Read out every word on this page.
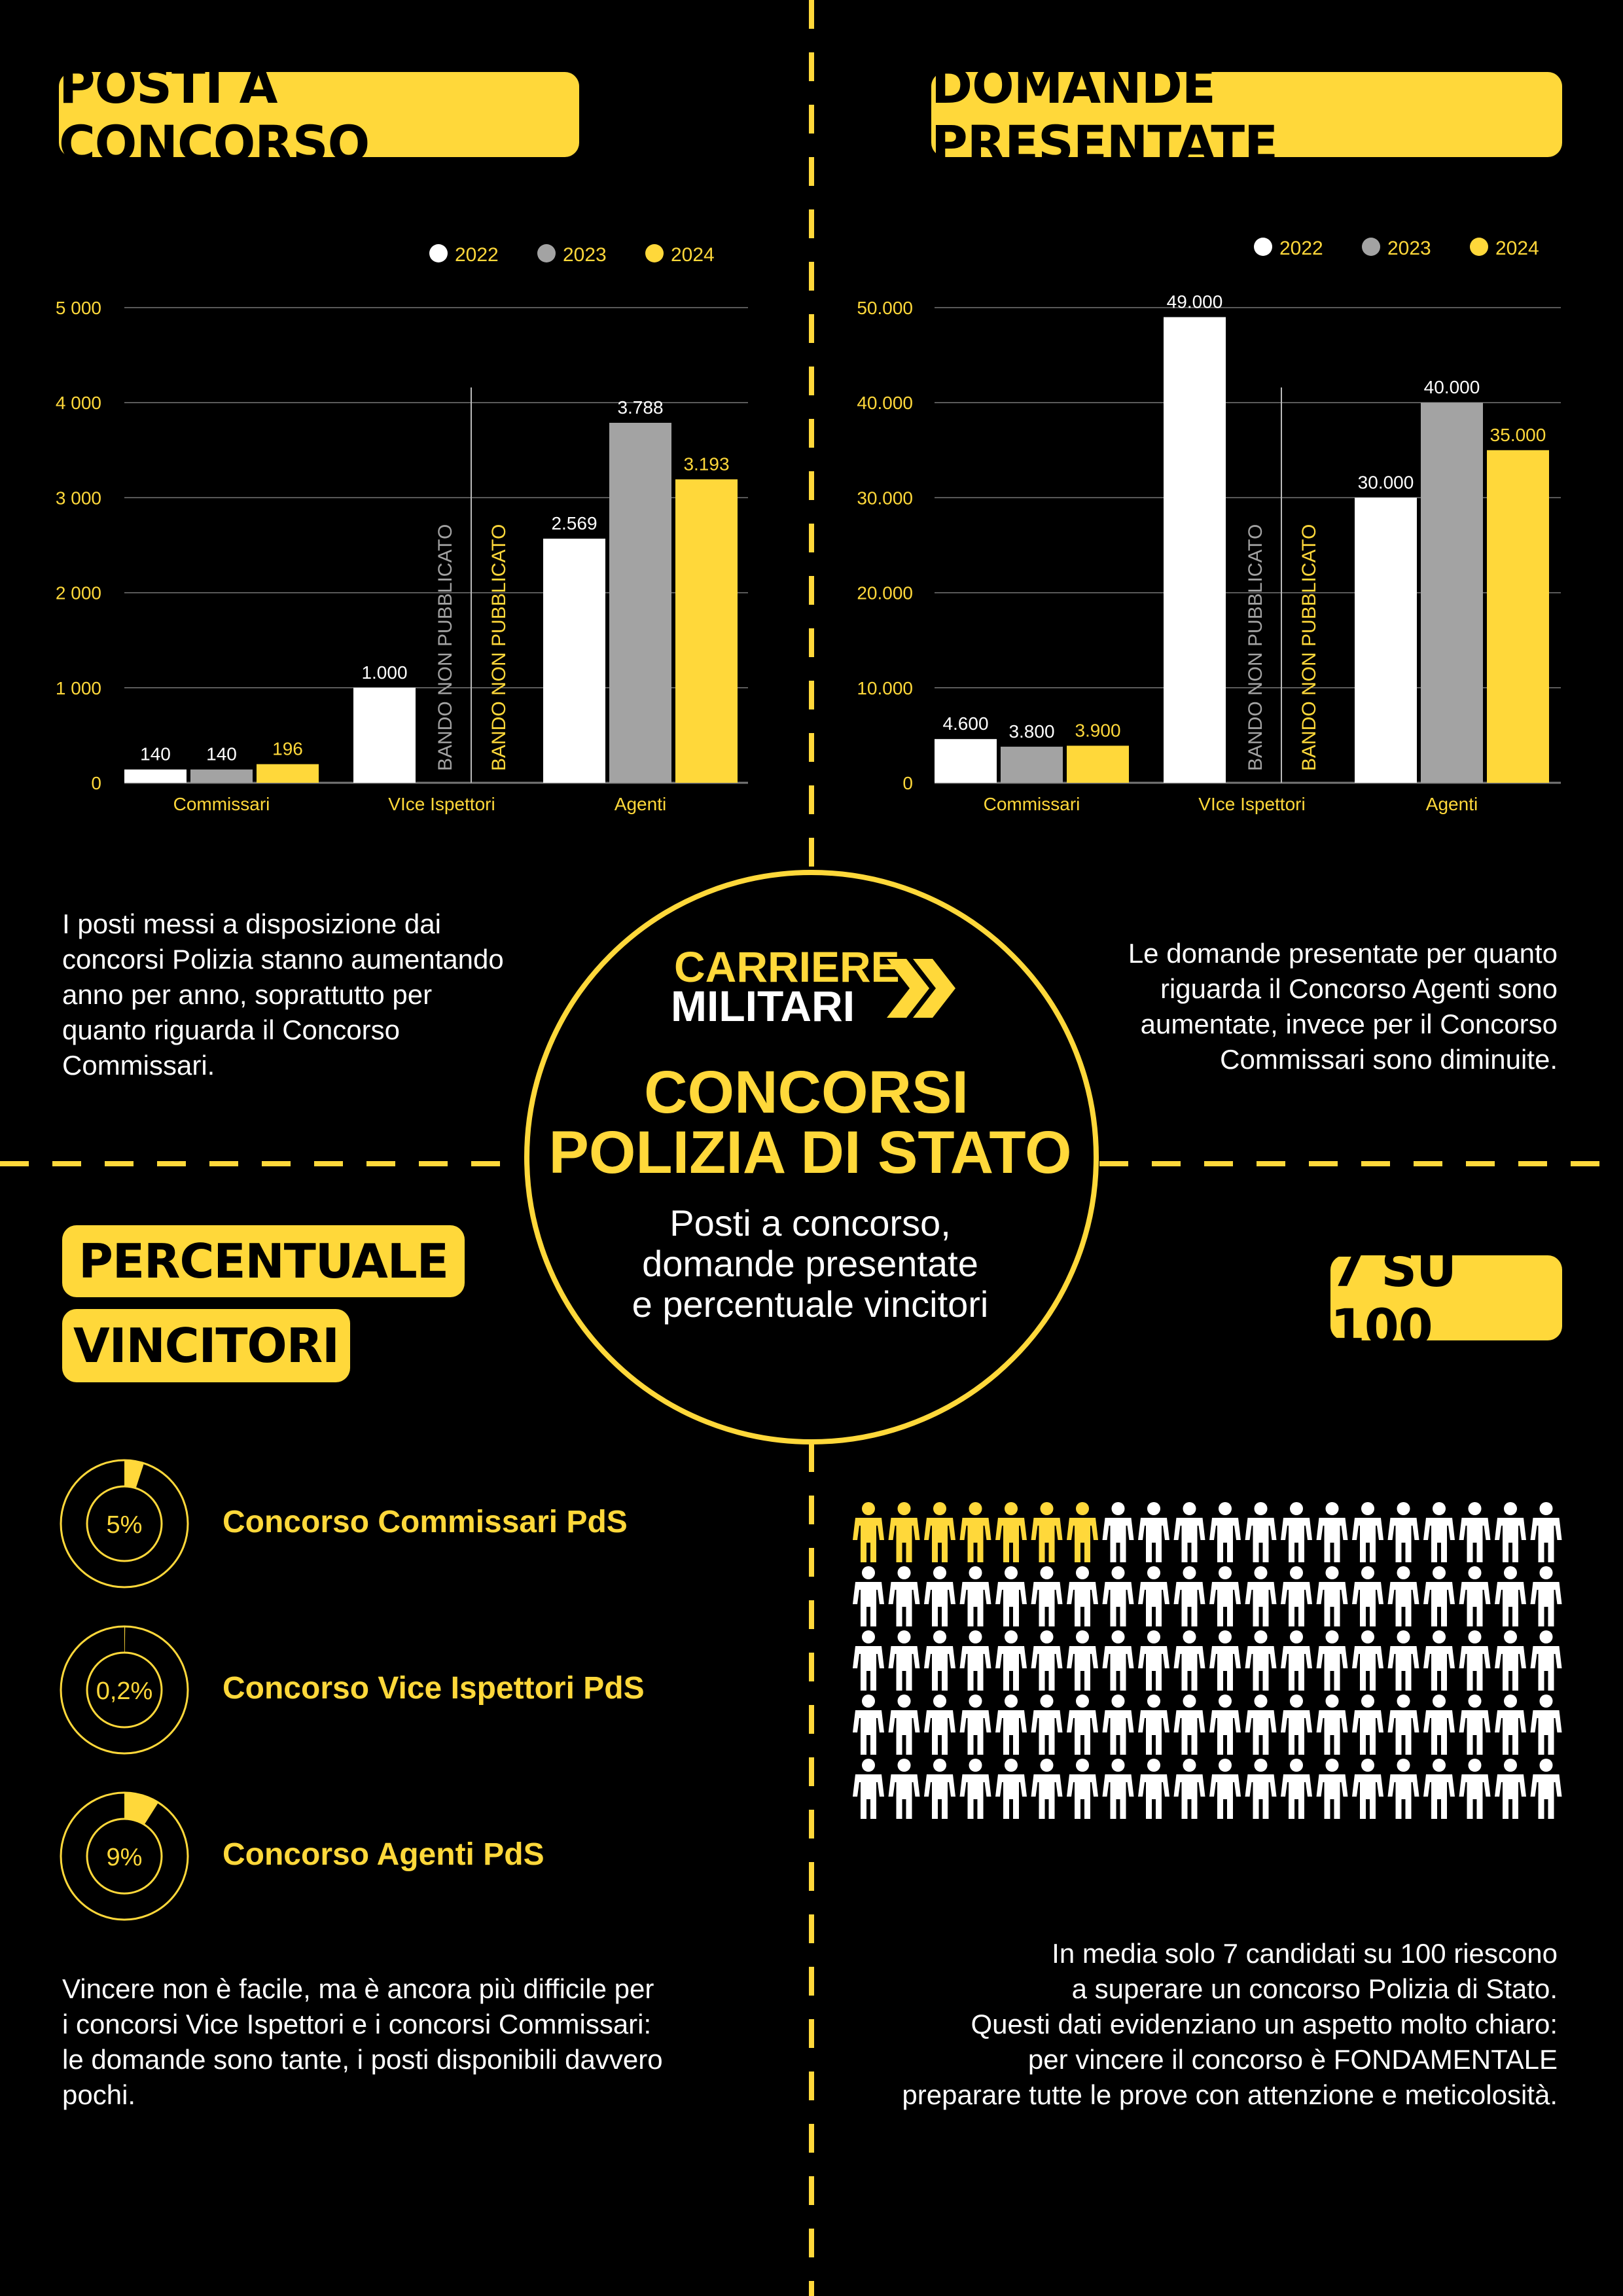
POSTI A CONCORSO
DOMANDE PRESENTATE
PERCENTUALE
VINCITORI
7 SU 100
2022	2023	2024
0
1 000
2 000
3 000
4 000
5 000
140 140 196
Commissari
1.000
VIce Ispettori
2.569
3.788
3.193
Agenti
BANDO NON PUBBLICATO BANDO NON PUBBLICATO
2022	2023	2024
0
10.000
20.000
30.000
40.000
50.000
4.600 3.800 3.900
Commissari
49.000
VIce Ispettori
30.000
40.000
35.000
Agenti
BANDO NON PUBBLICATO BANDO NON PUBBLICATO
I posti messi a disposizione dai
concorsi Polizia stanno aumentando
anno per anno, soprattutto per
quanto riguarda il Concorso
Commissari.
Le domande presentate per quanto
riguarda il Concorso Agenti sono
aumentate, invece per il Concorso
Commissari sono diminuite.
CARRIERE
MILITARI
CONCORSI
POLIZIA DI STATO
Posti a concorso,
domande presentate
e percentuale vincitori
5%	Concorso Commissari PdS
0,2% Concorso Vice Ispettori PdS
9%	Concorso Agenti PdS
Vincere non è facile, ma è ancora più difficile per
i concorsi Vice Ispettori e i concorsi Commissari:
le domande sono tante, i posti disponibili davvero
pochi.
In media solo 7 candidati su 100 riescono
a superare un concorso Polizia di Stato.
Questi dati evidenziano un aspetto molto chiaro:
per vincere il concorso è FONDAMENTALE
preparare tutte le prove con attenzione e meticolosità.
